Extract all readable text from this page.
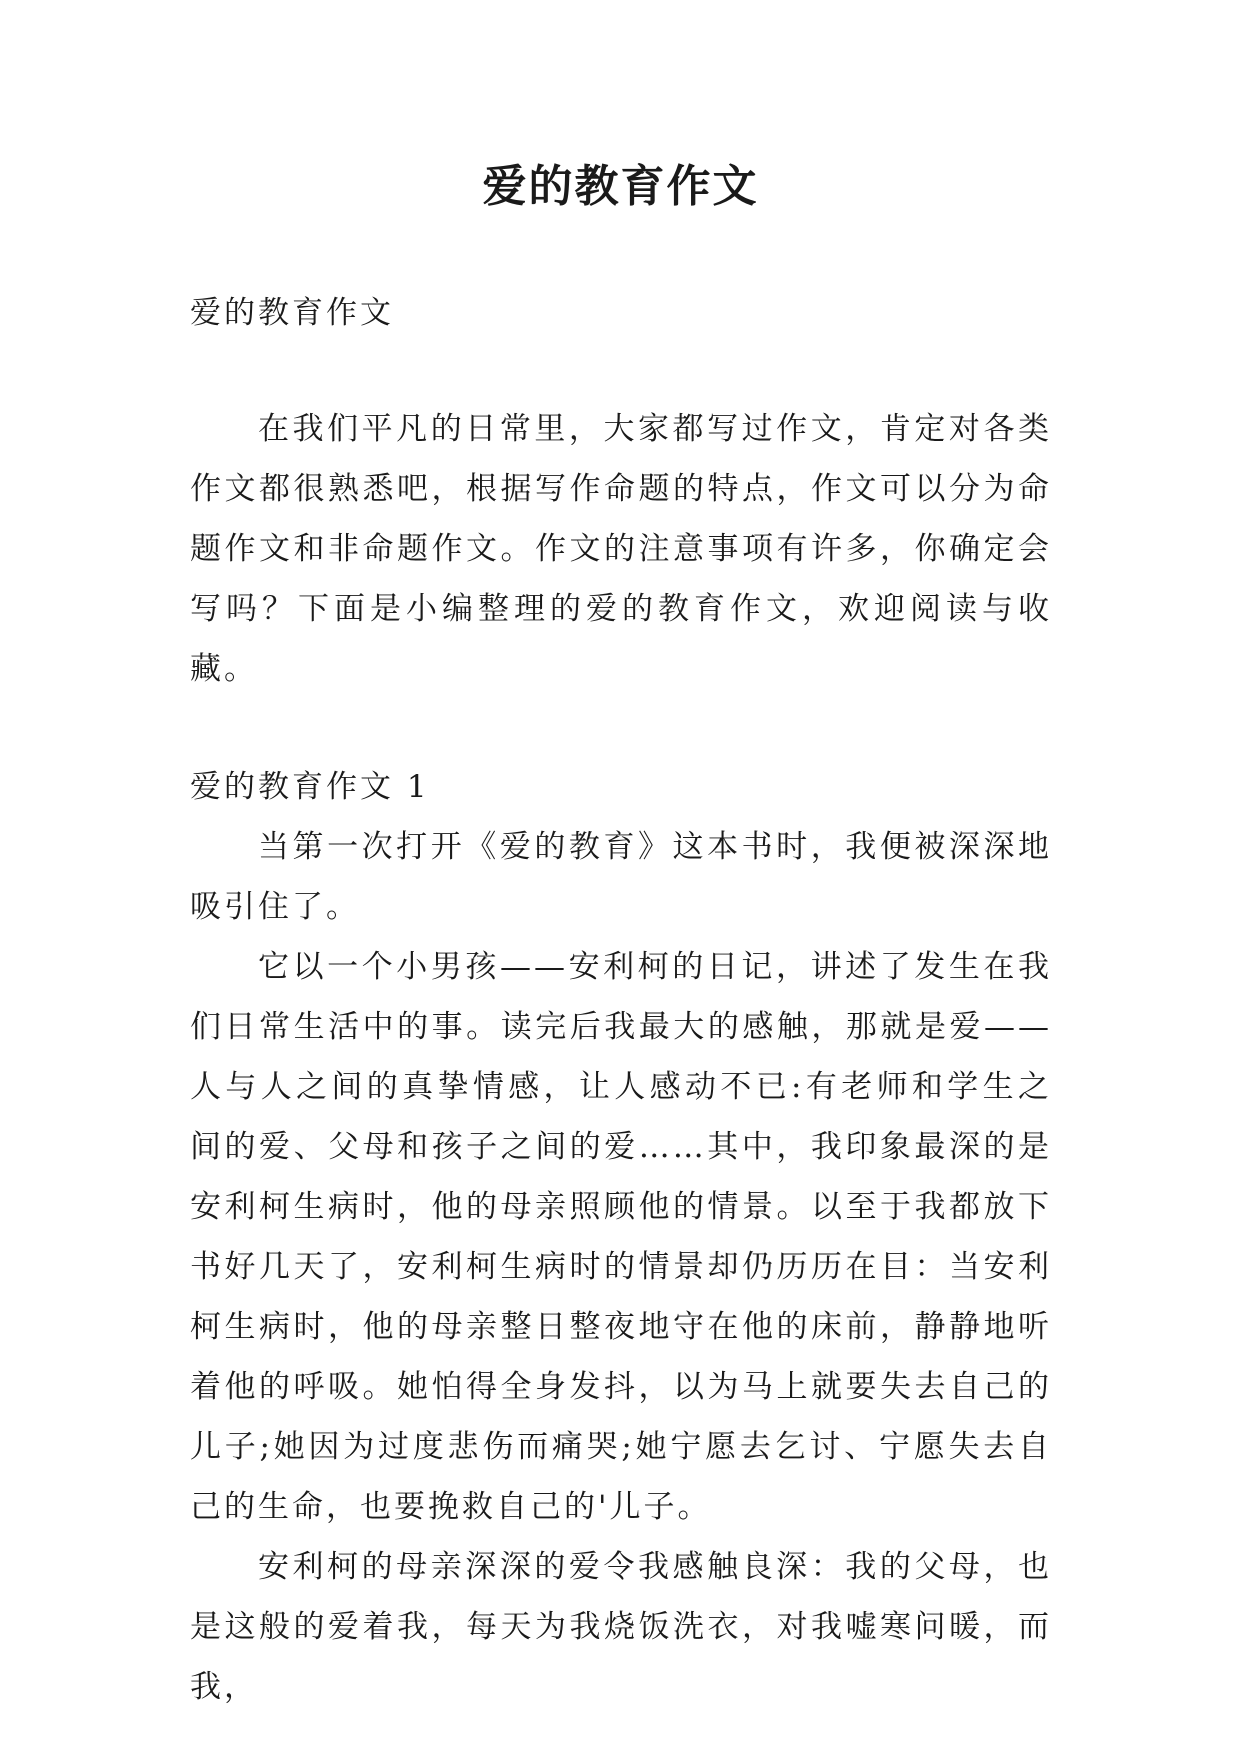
爱的教育作文

爱的教育作文

在我们平凡的日常里，大家都写过作文，肯定对各类作文都很熟悉吧，根据写作命题的特点，作文可以分为命题作文和非命题作文。作文的注意事项有许多，你确定会写吗？下面是小编整理的爱的教育作文，欢迎阅读与收藏。

爱的教育作文 1

当第一次打开《爱的教育》这本书时，我便被深深地吸引住了。

它以一个小男孩——安利柯的日记，讲述了发生在我们日常生活中的事。读完后我最大的感触，那就是爱——人与人之间的真挚情感，让人感动不已:有老师和学生之间的爱、父母和孩子之间的爱……其中，我印象最深的是安利柯生病时，他的母亲照顾他的情景。以至于我都放下书好几天了，安利柯生病时的情景却仍历历在目：当安利柯生病时，他的母亲整日整夜地守在他的床前，静静地听着他的呼吸。她怕得全身发抖，以为马上就要失去自己的儿子;她因为过度悲伤而痛哭;她宁愿去乞讨、宁愿失去自己的生命，也要挽救自己的'儿子。

安利柯的母亲深深的爱令我感触良深：我的父母，也是这般的爱着我，每天为我烧饭洗衣，对我嘘寒问暖，而我，
